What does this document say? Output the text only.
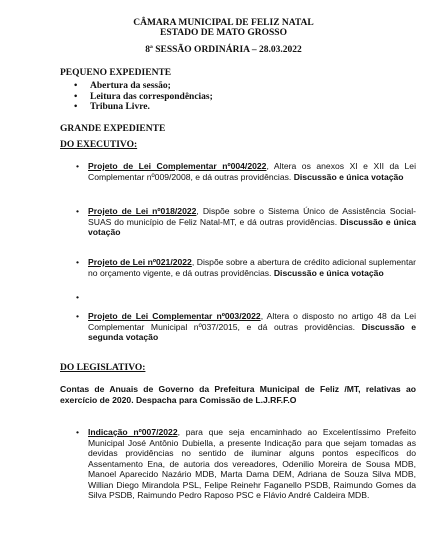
CÂMARA MUNICIPAL DE FELIZ NATAL
ESTADO DE MATO GROSSO
8ª SESSÃO ORDINÁRIA – 28.03.2022
PEQUENO EXPEDIENTE
• Abertura da sessão;
• Leitura das correspondências;
• Tribuna Livre.
GRANDE EXPEDIENTE
DO EXECUTIVO:
• Projeto de Lei Complementar nº004/2022, Altera os anexos XI e XII da Lei Complementar nº009/2008, e dá outras providências. Discussão e única votação
• Projeto de Lei nº018/2022, Dispõe sobre o Sistema Único de Assistência Social-SUAS do município de Feliz Natal-MT, e dá outras providências. Discussão e única votação
• Projeto de Lei nº021/2022, Dispõe sobre a abertura de crédito adicional suplementar no orçamento vigente, e dá outras providências. Discussão e única votação
•
• Projeto de Lei Complementar nº003/2022, Altera o disposto no artigo 48 da Lei Complementar Municipal nº037/2015, e dá outras providências. Discussão e segunda votação
DO LEGISLATIVO:
Contas de Anuais de Governo da Prefeitura Municipal de Feliz /MT, relativas ao exercício de 2020. Despacha para Comissão de L.J.RF.F.O
• Indicação nº007/2022, para que seja encaminhado ao Excelentíssimo Prefeito Municipal José Antônio Dubiella, a presente Indicação para que sejam tomadas as devidas providências no sentido de iluminar alguns pontos específicos do Assentamento Ena, de autoria dos vereadores, Odenilio Moreira de Sousa MDB, Manoel Aparecido Nazário MDB, Marta Dama DEM, Adriana de Souza Silva MDB, Willian Diego Mirandola PSL, Felipe Reinehr Faganello PSDB, Raimundo Gomes da Silva PSDB, Raimundo Pedro Raposo PSC e Flávio André Caldeira MDB.
